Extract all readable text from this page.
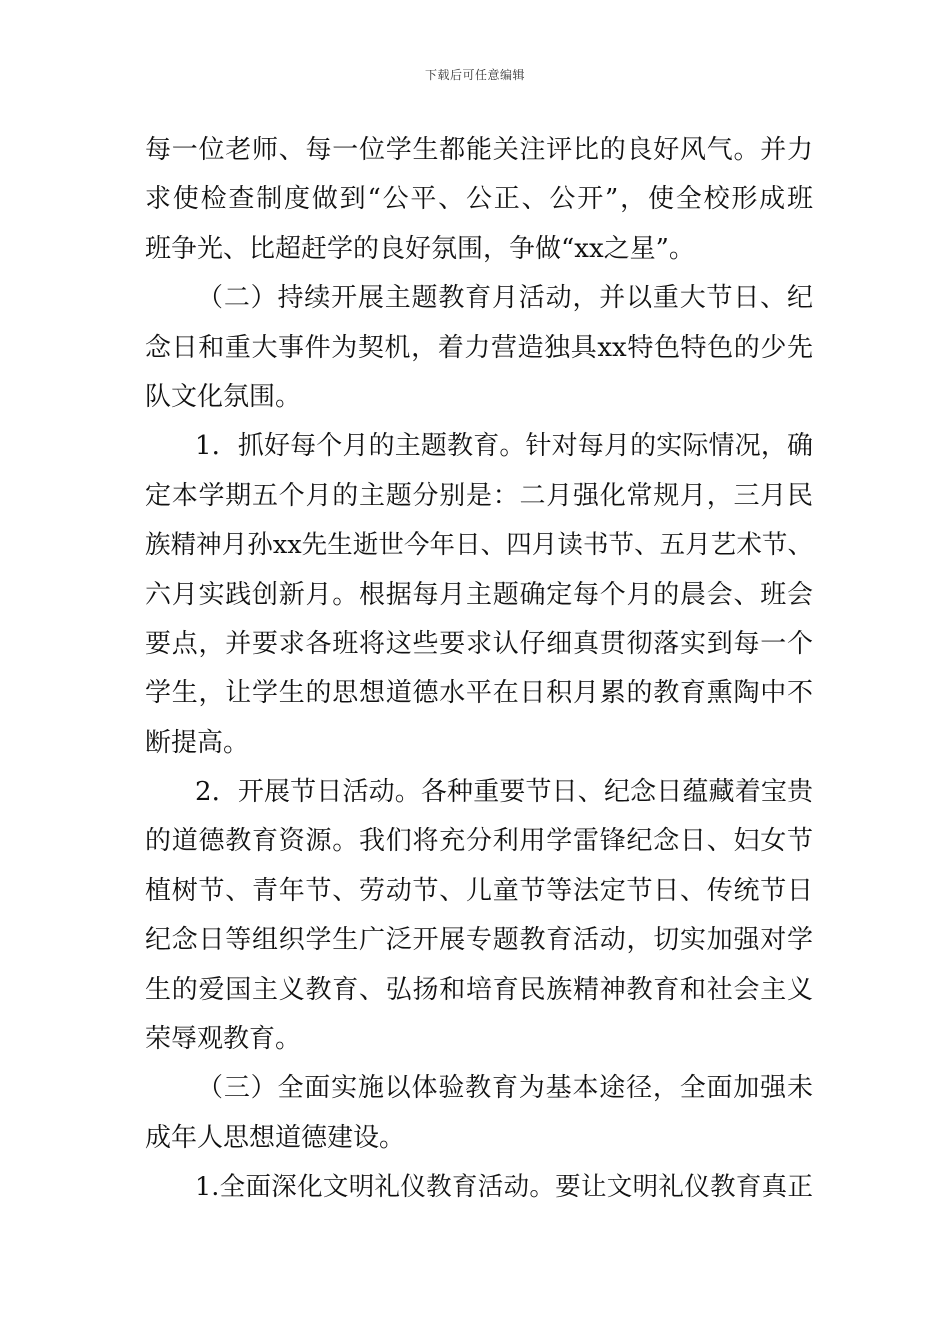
下载后可任意编辑
每一位老师、每一位学生都能关注评比的良好风气。并力
求使检查制度做到“公平、公正、公开”，使全校形成班
班争光、比超赶学的良好氛围，争做“xx之星”。
（二）持续开展主题教育月活动，并以重大节日、纪
念日和重大事件为契机，着力营造独具xx特色特色的少先
队文化氛围。
1．抓好每个月的主题教育。针对每月的实际情况，确
定本学期五个月的主题分别是：二月强化常规月，三月民
族精神月孙xx先生逝世今年日、四月读书节、五月艺术节、
六月实践创新月。根据每月主题确定每个月的晨会、班会
要点，并要求各班将这些要求认仔细真贯彻落实到每一个
学生，让学生的思想道德水平在日积月累的教育熏陶中不
断提高。
2．开展节日活动。各种重要节日、纪念日蕴藏着宝贵
的道德教育资源。我们将充分利用学雷锋纪念日、妇女节
植树节、青年节、劳动节、儿童节等法定节日、传统节日
纪念日等组织学生广泛开展专题教育活动，切实加强对学
生的爱国主义教育、弘扬和培育民族精神教育和社会主义
荣辱观教育。
（三）全面实施以体验教育为基本途径，全面加强未
成年人思想道德建设。
1.全面深化文明礼仪教育活动。要让文明礼仪教育真正
